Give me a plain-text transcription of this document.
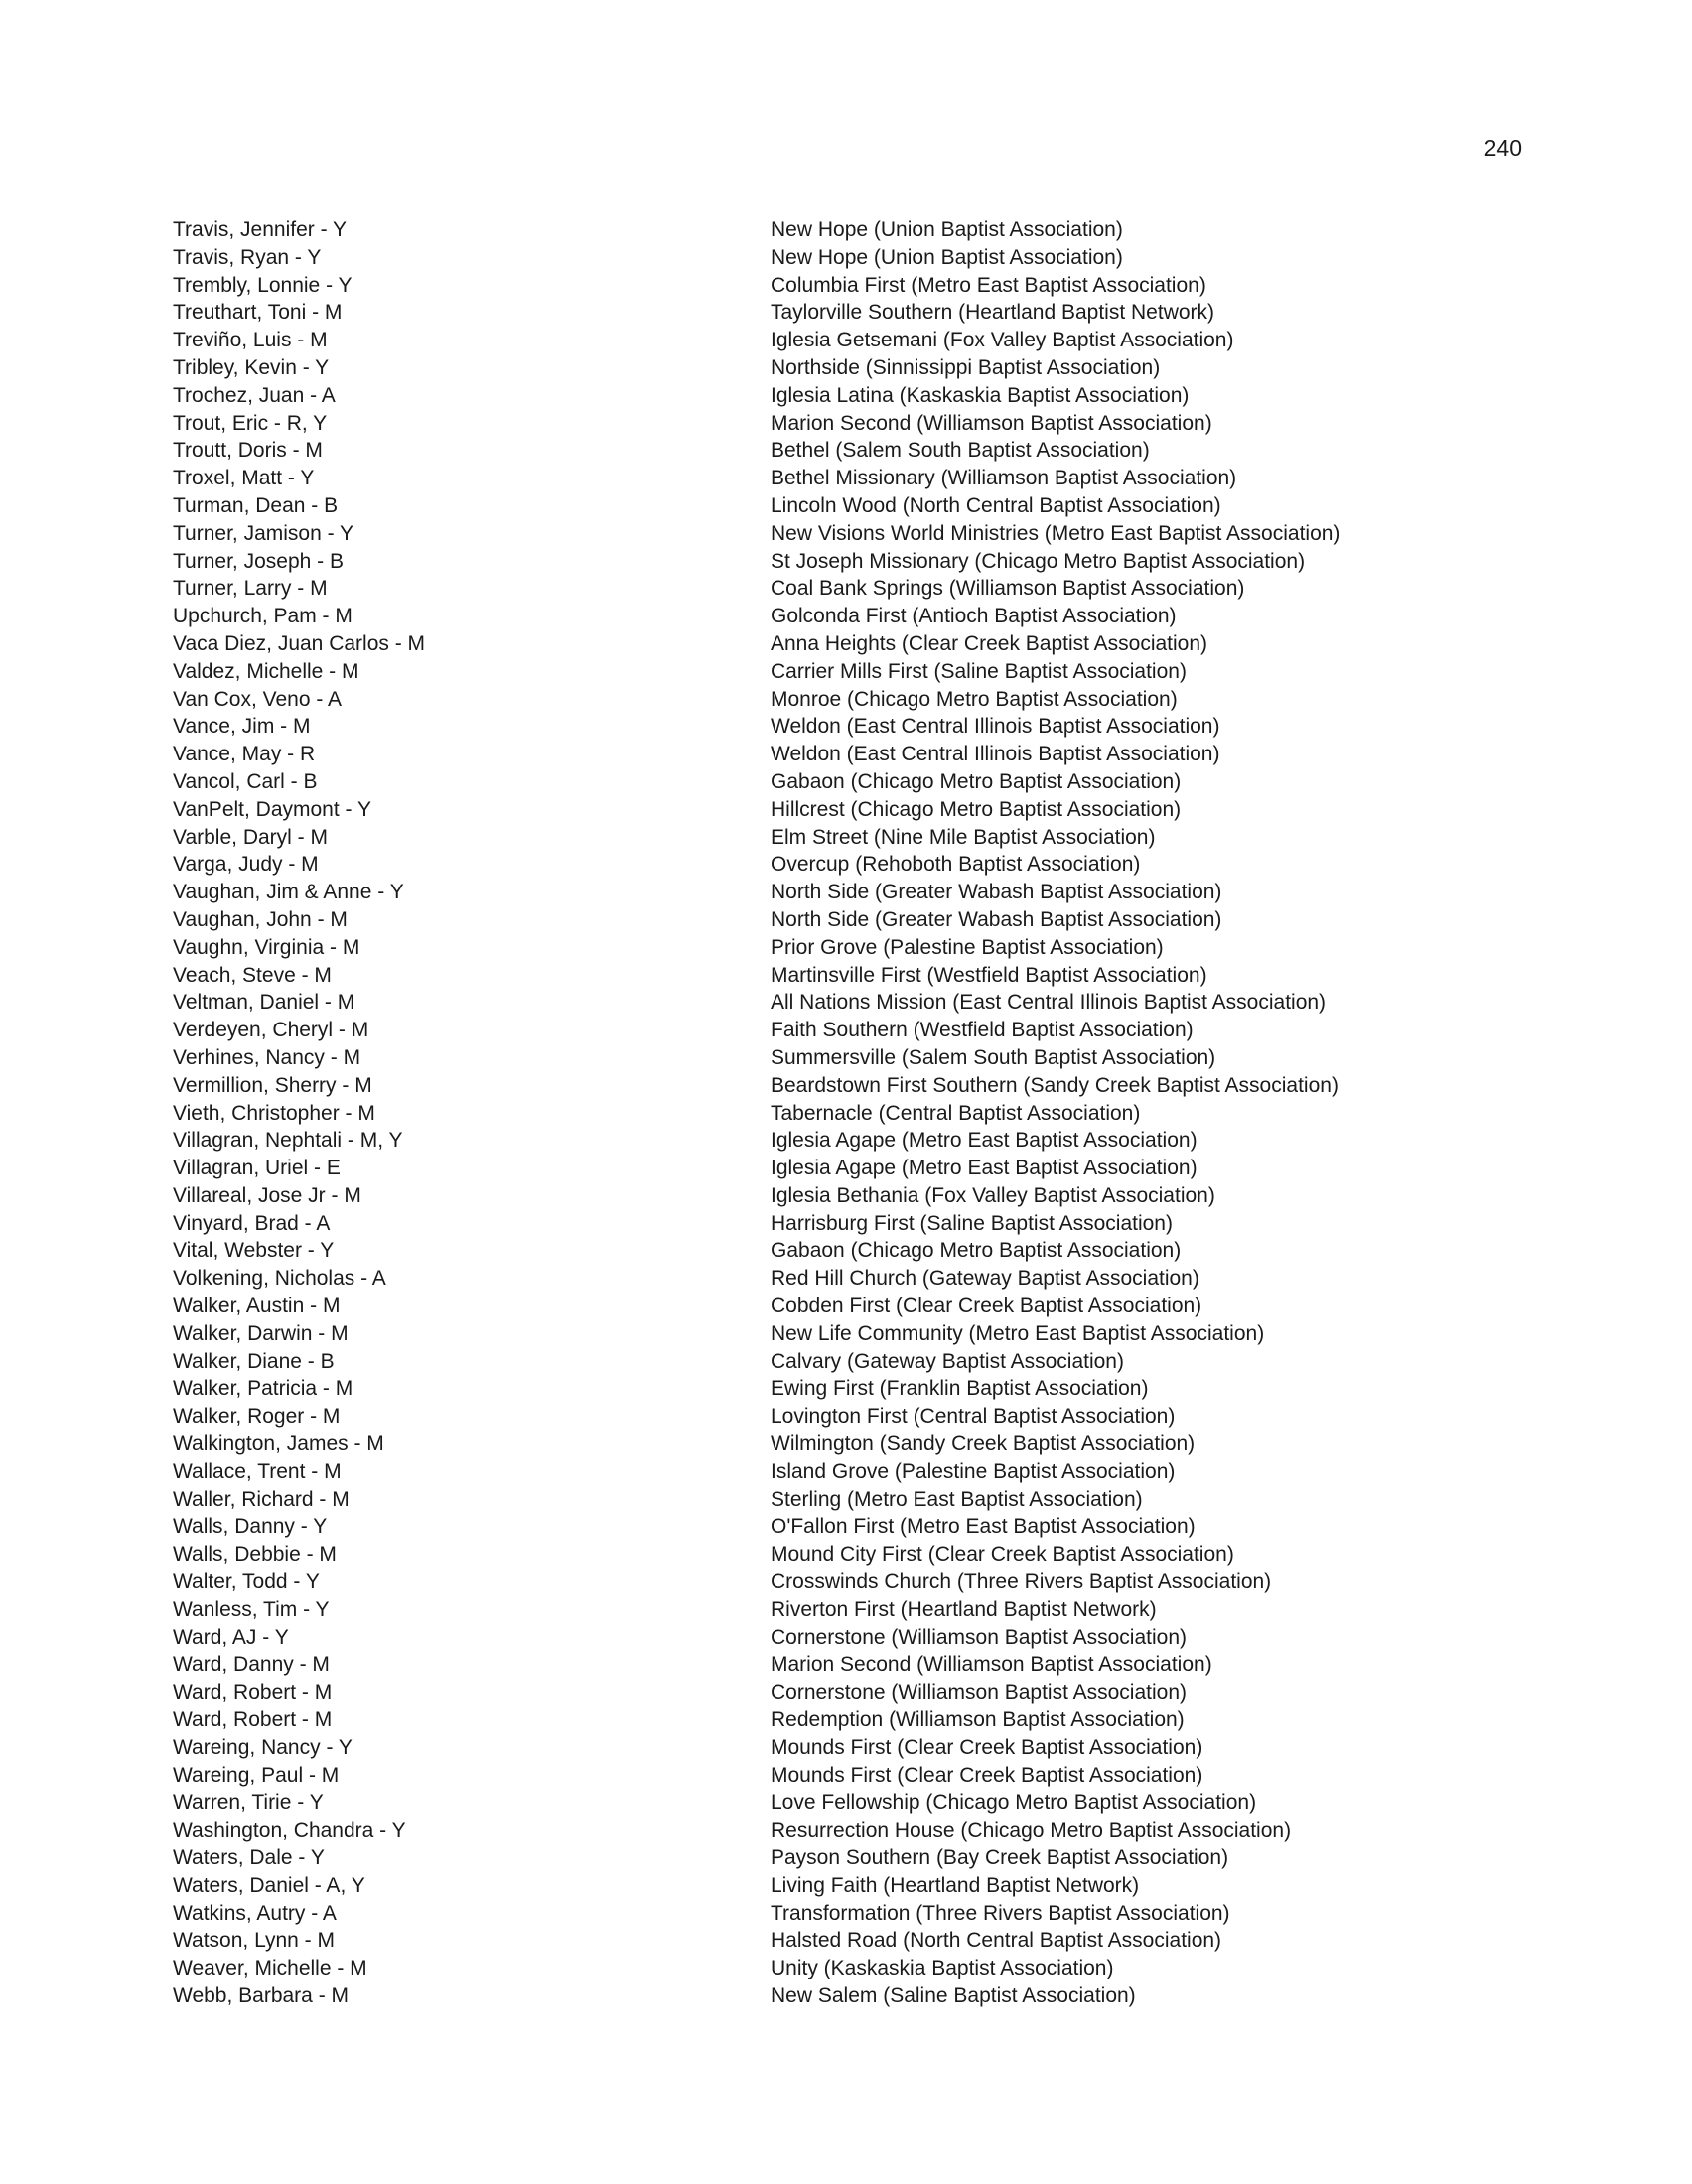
240
Travis, Jennifer - Y	New Hope (Union Baptist Association)
Travis, Ryan - Y	New Hope (Union Baptist Association)
Trembly, Lonnie - Y	Columbia First (Metro East Baptist Association)
Treuthart, Toni - M	Taylorville Southern (Heartland Baptist Network)
Treviño, Luis - M	Iglesia Getsemani (Fox Valley Baptist Association)
Tribley, Kevin - Y	Northside (Sinnissippi Baptist Association)
Trochez, Juan - A	Iglesia Latina (Kaskaskia Baptist Association)
Trout, Eric - R, Y	Marion Second (Williamson Baptist Association)
Troutt, Doris - M	Bethel (Salem South Baptist Association)
Troxel, Matt - Y	Bethel Missionary (Williamson Baptist Association)
Turman, Dean - B	Lincoln Wood (North Central Baptist Association)
Turner, Jamison - Y	New Visions World Ministries (Metro East Baptist Association)
Turner, Joseph - B	St Joseph Missionary (Chicago Metro Baptist Association)
Turner, Larry - M	Coal Bank Springs (Williamson Baptist Association)
Upchurch, Pam - M	Golconda First (Antioch Baptist Association)
Vaca Diez, Juan Carlos - M	Anna Heights (Clear Creek Baptist Association)
Valdez, Michelle - M	Carrier Mills First (Saline Baptist Association)
Van Cox, Veno - A	Monroe (Chicago Metro Baptist Association)
Vance, Jim - M	Weldon (East Central Illinois Baptist Association)
Vance, May - R	Weldon (East Central Illinois Baptist Association)
Vancol, Carl - B	Gabaon (Chicago Metro Baptist Association)
VanPelt, Daymont - Y	Hillcrest (Chicago Metro Baptist Association)
Varble, Daryl - M	Elm Street (Nine Mile Baptist Association)
Varga, Judy - M	Overcup (Rehoboth Baptist Association)
Vaughan, Jim & Anne - Y	North Side (Greater Wabash Baptist Association)
Vaughan, John - M	North Side (Greater Wabash Baptist Association)
Vaughn, Virginia - M	Prior Grove (Palestine Baptist Association)
Veach, Steve - M	Martinsville First (Westfield Baptist Association)
Veltman, Daniel - M	All Nations Mission (East Central Illinois Baptist Association)
Verdeyen, Cheryl - M	Faith Southern (Westfield Baptist Association)
Verhines, Nancy - M	Summersville (Salem South Baptist Association)
Vermillion, Sherry - M	Beardstown First Southern (Sandy Creek Baptist Association)
Vieth, Christopher - M	Tabernacle (Central Baptist Association)
Villagran, Nephtali - M, Y	Iglesia Agape (Metro East Baptist Association)
Villagran, Uriel - E	Iglesia Agape (Metro East Baptist Association)
Villareal, Jose Jr - M	Iglesia Bethania (Fox Valley Baptist Association)
Vinyard, Brad - A	Harrisburg First (Saline Baptist Association)
Vital, Webster - Y	Gabaon (Chicago Metro Baptist Association)
Volkening, Nicholas - A	Red Hill Church (Gateway Baptist Association)
Walker, Austin - M	Cobden First (Clear Creek Baptist Association)
Walker, Darwin - M	New Life Community (Metro East Baptist Association)
Walker, Diane - B	Calvary (Gateway Baptist Association)
Walker, Patricia - M	Ewing First (Franklin Baptist Association)
Walker, Roger - M	Lovington First (Central Baptist Association)
Walkington, James - M	Wilmington (Sandy Creek Baptist Association)
Wallace, Trent - M	Island Grove (Palestine Baptist Association)
Waller, Richard - M	Sterling (Metro East Baptist Association)
Walls, Danny - Y	O'Fallon First (Metro East Baptist Association)
Walls, Debbie - M	Mound City First (Clear Creek Baptist Association)
Walter, Todd - Y	Crosswinds Church (Three Rivers Baptist Association)
Wanless, Tim - Y	Riverton First (Heartland Baptist Network)
Ward, AJ - Y	Cornerstone (Williamson Baptist Association)
Ward, Danny - M	Marion Second (Williamson Baptist Association)
Ward, Robert - M	Cornerstone (Williamson Baptist Association)
Ward, Robert - M	Redemption (Williamson Baptist Association)
Wareing, Nancy - Y	Mounds First (Clear Creek Baptist Association)
Wareing, Paul - M	Mounds First (Clear Creek Baptist Association)
Warren, Tirie - Y	Love Fellowship (Chicago Metro Baptist Association)
Washington, Chandra - Y	Resurrection House (Chicago Metro Baptist Association)
Waters, Dale - Y	Payson Southern (Bay Creek Baptist Association)
Waters, Daniel - A, Y	Living Faith (Heartland Baptist Network)
Watkins, Autry - A	Transformation (Three Rivers Baptist Association)
Watson, Lynn - M	Halsted Road (North Central Baptist Association)
Weaver, Michelle - M	Unity (Kaskaskia Baptist Association)
Webb, Barbara - M	New Salem (Saline Baptist Association)
